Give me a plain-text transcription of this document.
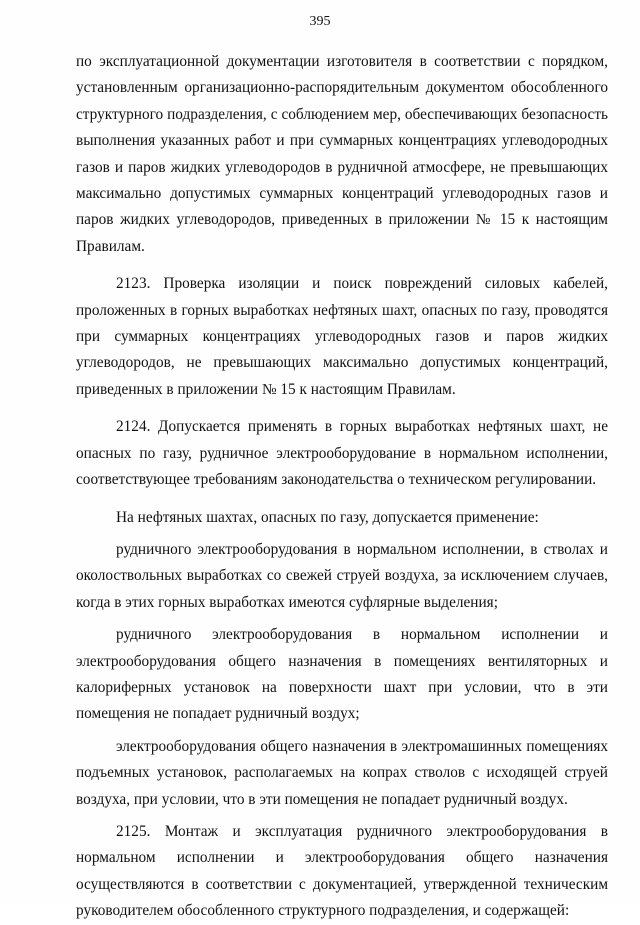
395

по эксплуатационной документации изготовителя в соответствии с порядком, установленным организационно-распорядительным документом обособленного структурного подразделения, с соблюдением мер, обеспечивающих безопасность выполнения указанных работ и при суммарных концентрациях углеводородных газов и паров жидких углеводородов в рудничной атмосфере, не превышающих максимально допустимых суммарных концентраций углеводородных газов и паров жидких углеводородов, приведенных в приложении № 15 к настоящим Правилам.

2123. Проверка изоляции и поиск повреждений силовых кабелей, проложенных в горных выработках нефтяных шахт, опасных по газу, проводятся при суммарных концентрациях углеводородных газов и паров жидких углеводородов, не превышающих максимально допустимых концентраций, приведенных в приложении № 15 к настоящим Правилам.

2124. Допускается применять в горных выработках нефтяных шахт, не опасных по газу, рудничное электрооборудование в нормальном исполнении, соответствующее требованиям законодательства о техническом регулировании.

На нефтяных шахтах, опасных по газу, допускается применение:

рудничного электрооборудования в нормальном исполнении, в стволах и околоствольных выработках со свежей струей воздуха, за исключением случаев, когда в этих горных выработках имеются суфлярные выделения;

рудничного электрооборудования в нормальном исполнении и электрооборудования общего назначения в помещениях вентиляторных и калориферных установок на поверхности шахт при условии, что в эти помещения не попадает рудничный воздух;

электрооборудования общего назначения в электромашинных помещениях подъемных установок, располагаемых на копрах стволов с исходящей струей воздуха, при условии, что в эти помещения не попадает рудничный воздух.

2125. Монтаж и эксплуатация рудничного электрооборудования в нормальном исполнении и электрооборудования общего назначения осуществляются в соответствии с документацией, утвержденной техническим руководителем обособленного структурного подразделения, и содержащей:
